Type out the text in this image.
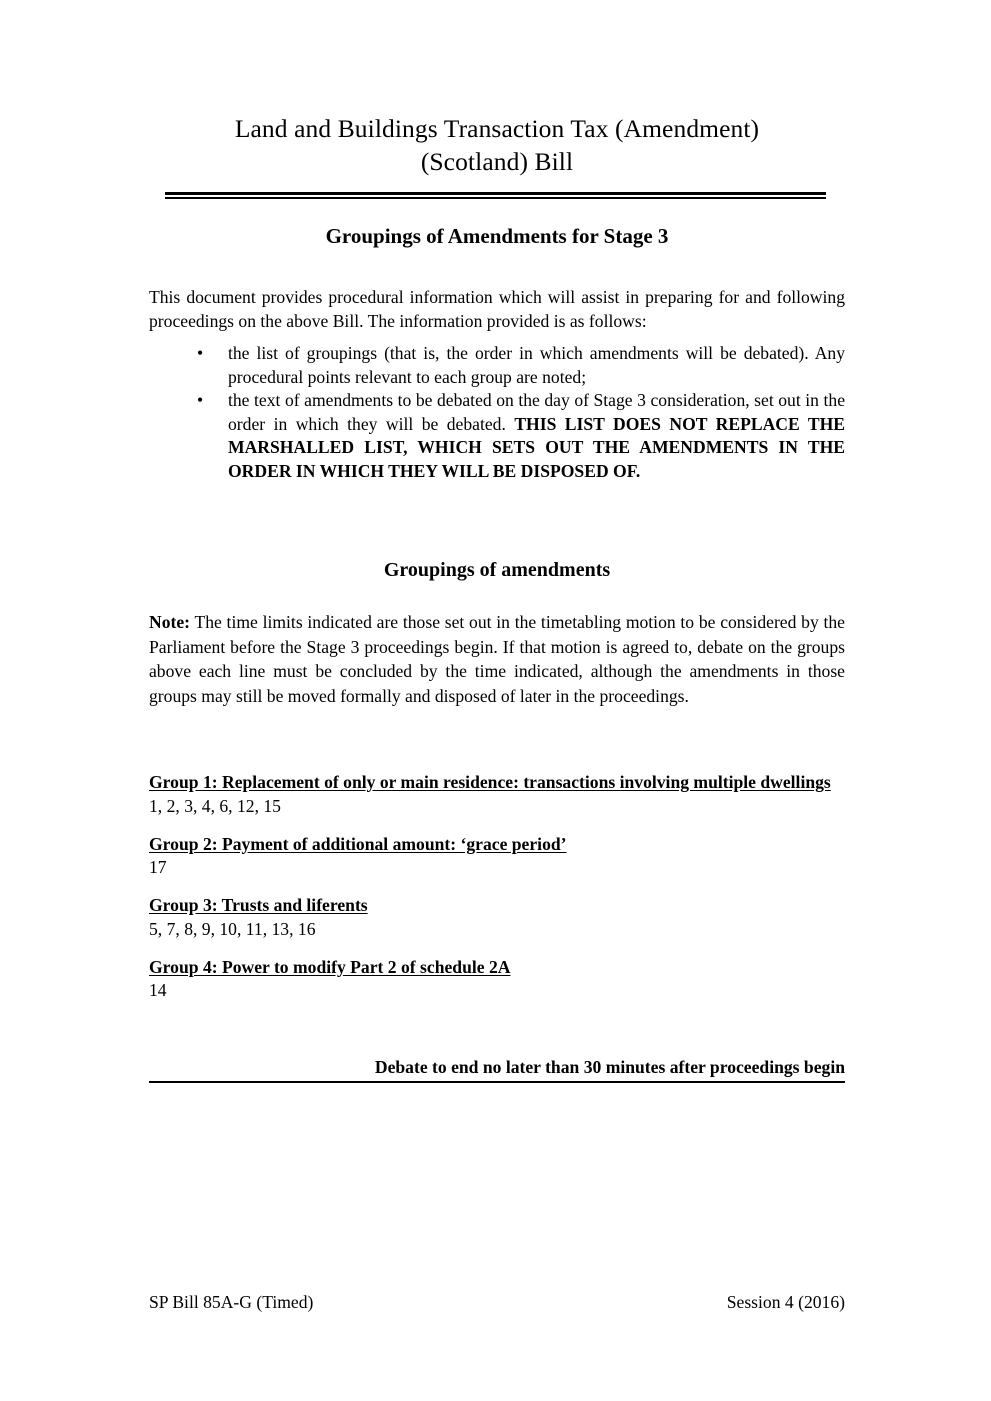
Land and Buildings Transaction Tax (Amendment)
(Scotland) Bill
Groupings of Amendments for Stage 3
This document provides procedural information which will assist in preparing for and following proceedings on the above Bill. The information provided is as follows:
•	the list of groupings (that is, the order in which amendments will be debated). Any procedural points relevant to each group are noted;
•	the text of amendments to be debated on the day of Stage 3 consideration, set out in the order in which they will be debated. THIS LIST DOES NOT REPLACE THE MARSHALLED LIST, WHICH SETS OUT THE AMENDMENTS IN THE ORDER IN WHICH THEY WILL BE DISPOSED OF.
Groupings of amendments
Note: The time limits indicated are those set out in the timetabling motion to be considered by the Parliament before the Stage 3 proceedings begin. If that motion is agreed to, debate on the groups above each line must be concluded by the time indicated, although the amendments in those groups may still be moved formally and disposed of later in the proceedings.
Group 1: Replacement of only or main residence: transactions involving multiple dwellings
1, 2, 3, 4, 6, 12, 15
Group 2: Payment of additional amount: ‘grace period’
17
Group 3: Trusts and liferents
5, 7, 8, 9, 10, 11, 13, 16
Group 4: Power to modify Part 2 of schedule 2A
14
Debate to end no later than 30 minutes after proceedings begin
SP Bill 85A-G (Timed)	Session 4 (2016)
